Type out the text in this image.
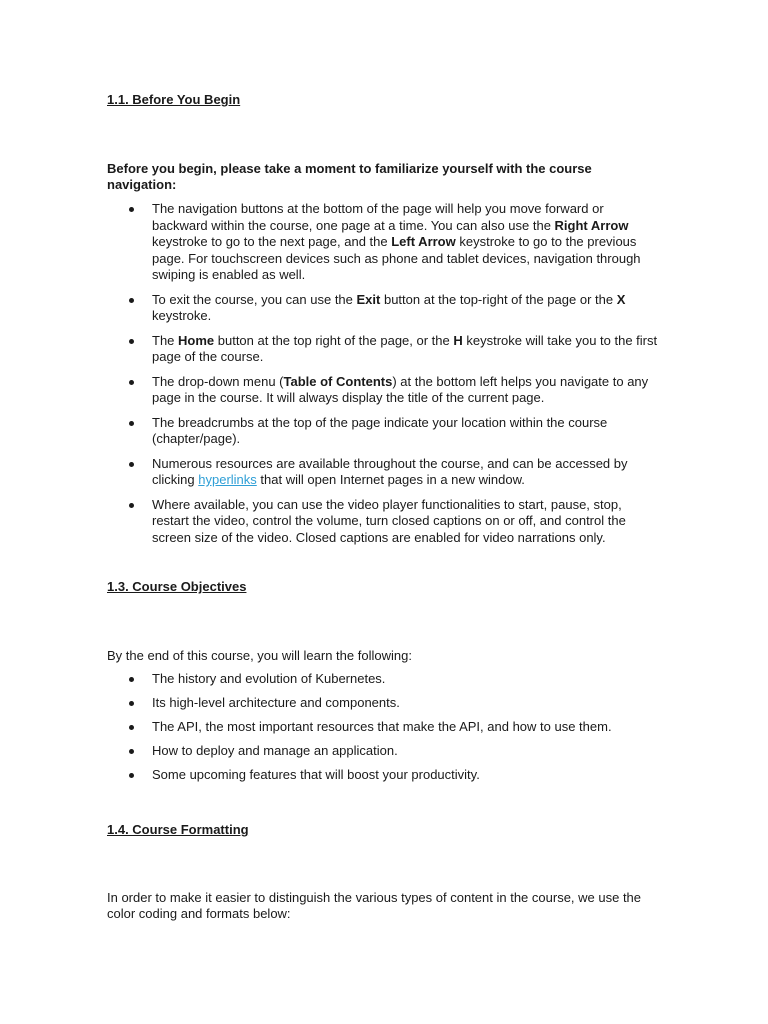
1.1. Before You Begin
Before you begin, please take a moment to familiarize yourself with the course navigation:
The navigation buttons at the bottom of the page will help you move forward or backward within the course, one page at a time. You can also use the Right Arrow keystroke to go to the next page, and the Left Arrow keystroke to go to the previous page. For touchscreen devices such as phone and tablet devices, navigation through swiping is enabled as well.
To exit the course, you can use the Exit button at the top-right of the page or the X keystroke.
The Home button at the top right of the page, or the H keystroke will take you to the first page of the course.
The drop-down menu (Table of Contents) at the bottom left helps you navigate to any page in the course. It will always display the title of the current page.
The breadcrumbs at the top of the page indicate your location within the course (chapter/page).
Numerous resources are available throughout the course, and can be accessed by clicking hyperlinks that will open Internet pages in a new window.
Where available, you can use the video player functionalities to start, pause, stop, restart the video, control the volume, turn closed captions on or off, and control the screen size of the video. Closed captions are enabled for video narrations only.
1.3. Course Objectives
By the end of this course, you will learn the following:
The history and evolution of Kubernetes.
Its high-level architecture and components.
The API, the most important resources that make the API, and how to use them.
How to deploy and manage an application.
Some upcoming features that will boost your productivity.
1.4. Course Formatting
In order to make it easier to distinguish the various types of content in the course, we use the color coding and formats below:
